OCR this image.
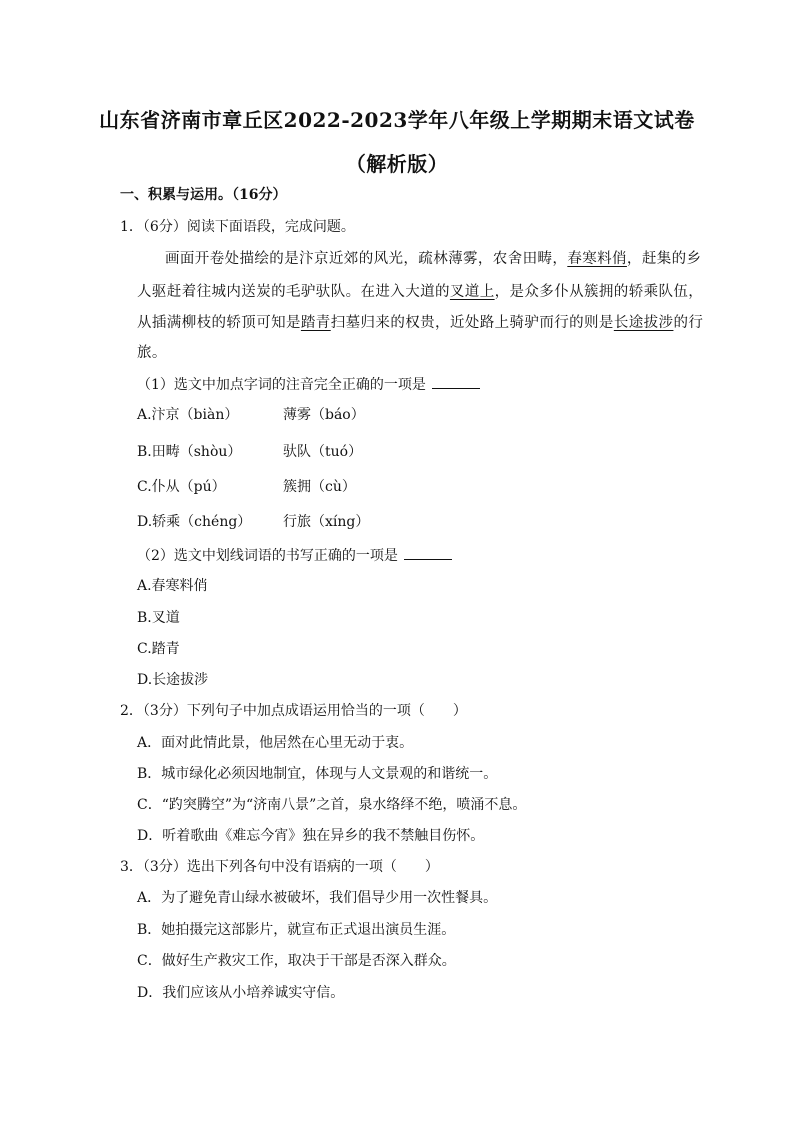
山东省济南市章丘区2022-2023学年八年级上学期期末语文试卷
（解析版）
一、积累与运用。（16分）
1．（6分）阅读下面语段，完成问题。
画面开卷处描绘的是汴京近郊的风光，疏林薄雾，农舍田畴，春寒料俏，赶集的乡
人驱赶着往城内送炭的毛驴驮队。在进入大道的叉道上，是众多仆从簇拥的轿乘队伍，
从插满柳枝的轿顶可知是踏青扫墓归来的权贵，近处路上骑驴而行的则是长途拔涉的行
旅。
（1）选文中加点字词的注音完全正确的一项是
A.汴京（biàn）	薄雾（báo）
B.田畴（shòu）	驮队（tuó）
C.仆从（pú）	簇拥（cù）
D.轿乘（chéng） 行旅（xíng）
（2）选文中划线词语的书写正确的一项是
A.春寒料俏
B.叉道
C.踏青
D.长途拔涉
2．（3分）下列句子中加点成语运用恰当的一项（　　）
A．面对此情此景，他居然在心里无动于衷。
B．城市绿化必须因地制宜，体现与人文景观的和谐统一。
C．“趵突腾空”为“济南八景”之首，泉水络绎不绝，喷涌不息。
D．听着歌曲《难忘今宵》独在异乡的我不禁触目伤怀。
3．（3分）选出下列各句中没有语病的一项（　　）
A．为了避免青山绿水被破坏，我们倡导少用一次性餐具。
B．她拍摄完这部影片，就宣布正式退出演员生涯。
C．做好生产救灾工作，取决于干部是否深入群众。
D．我们应该从小培养诚实守信。
